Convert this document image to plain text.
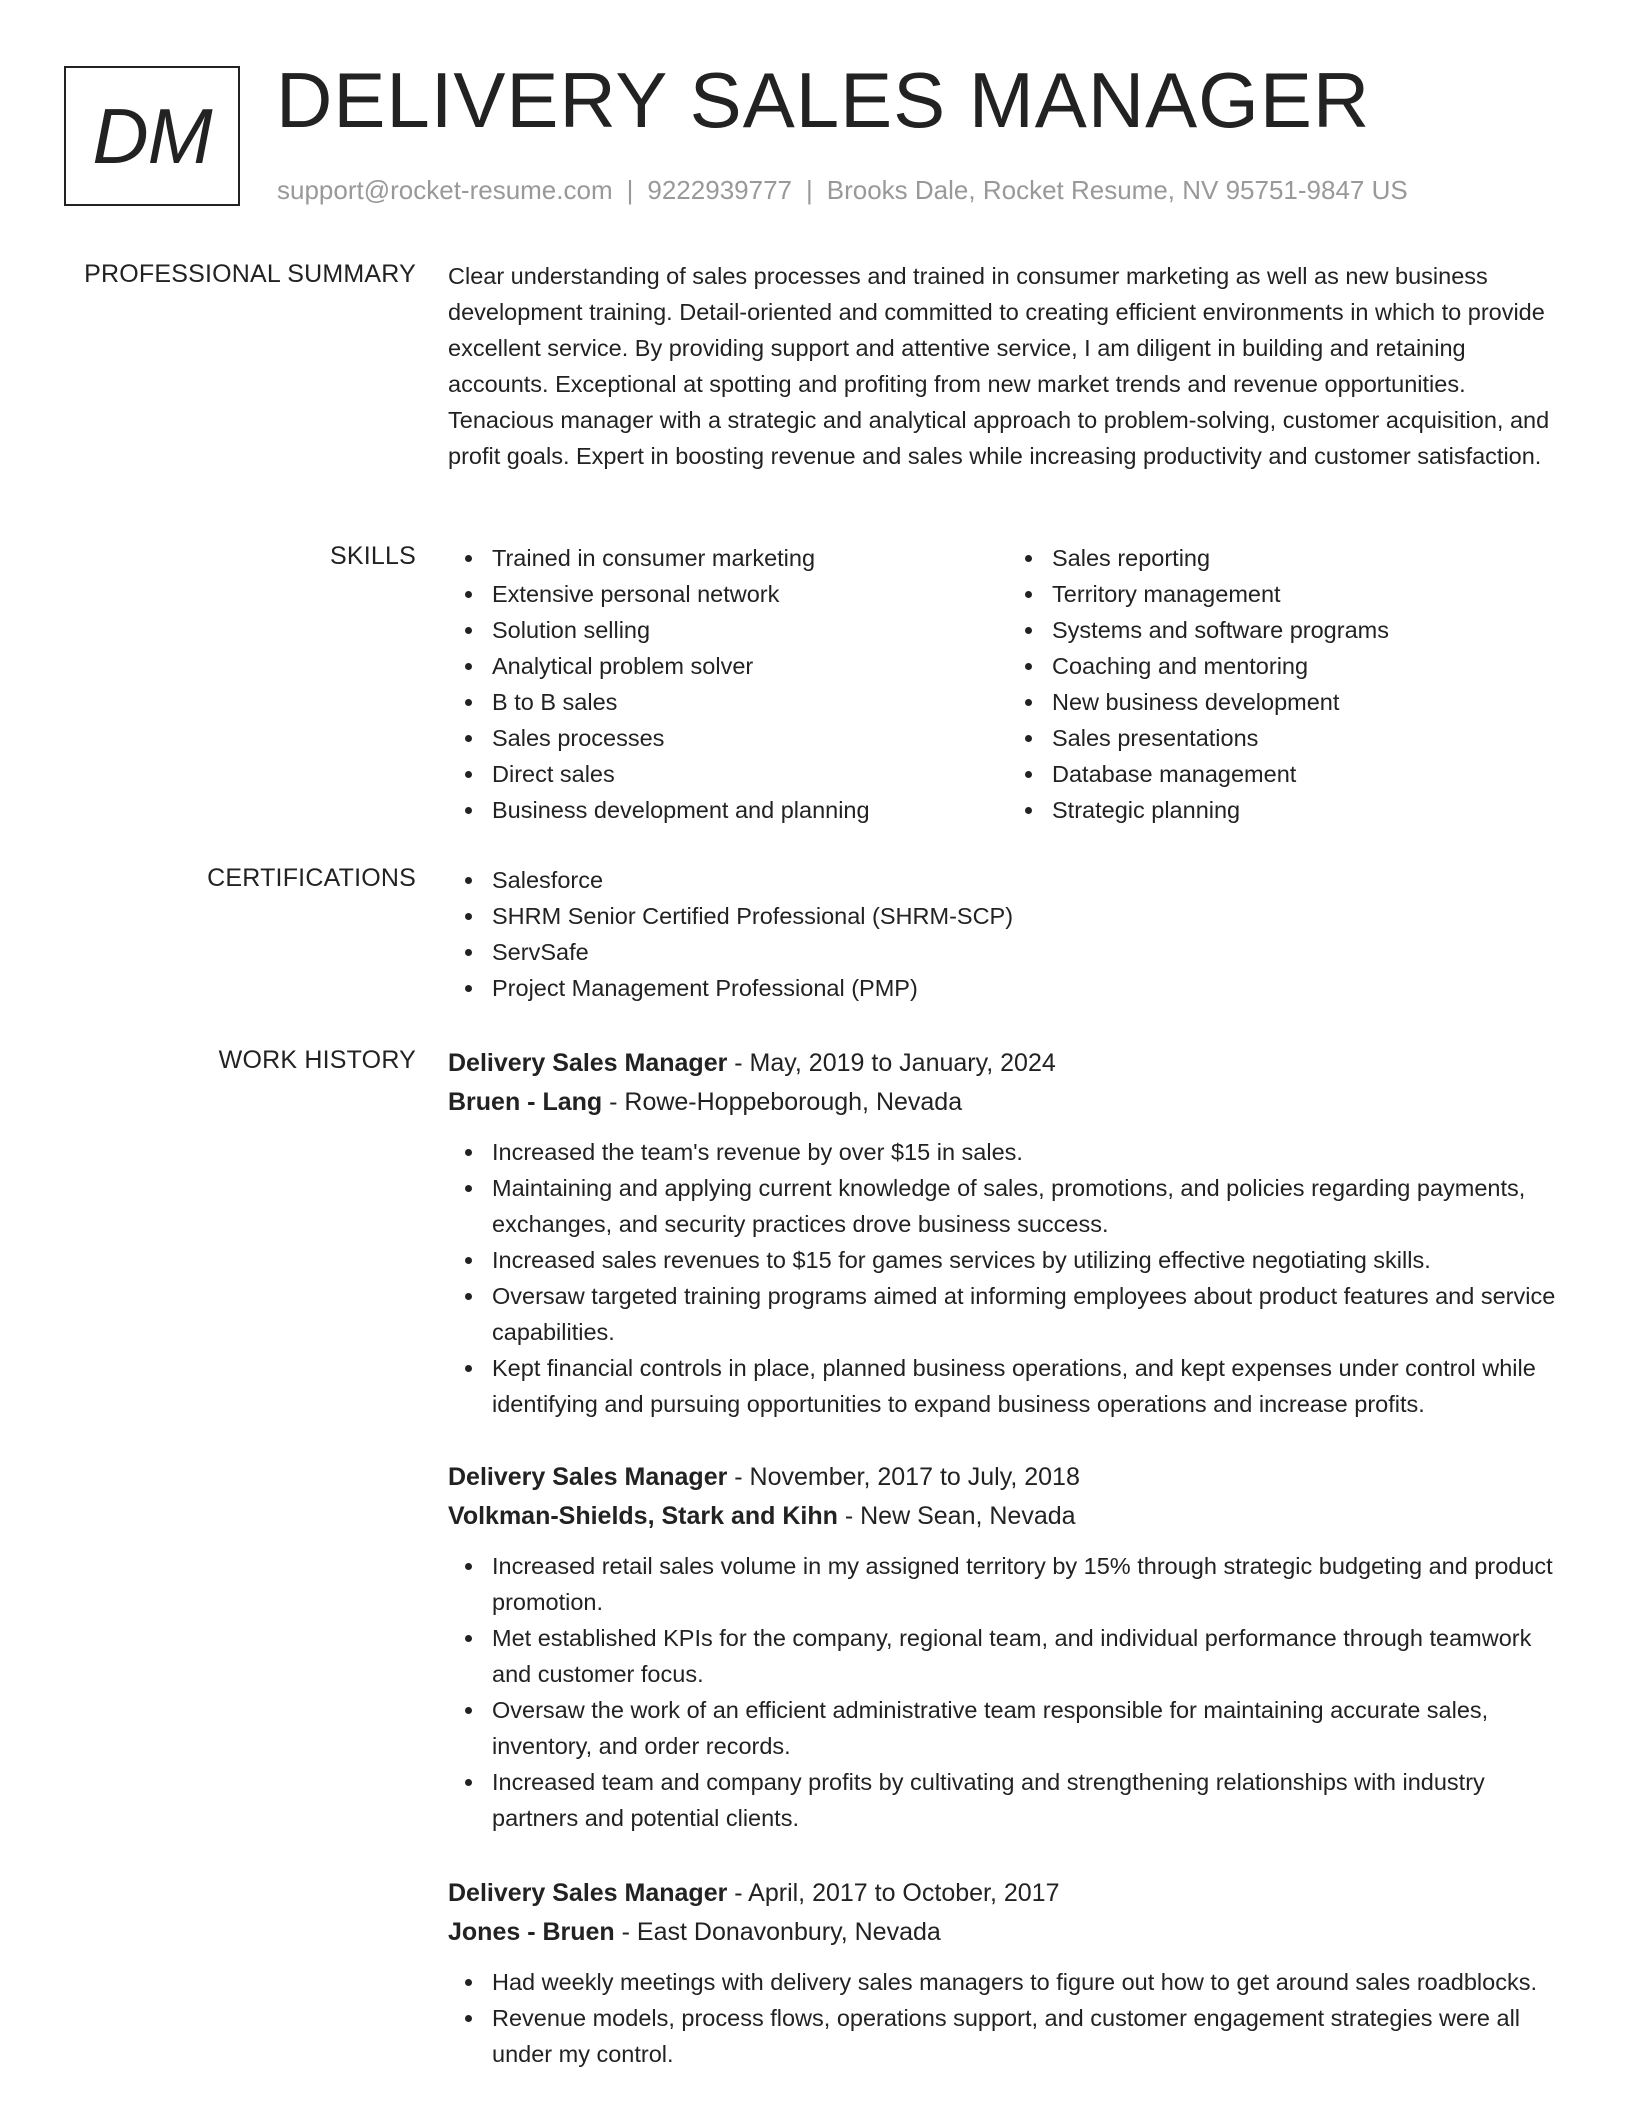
DM DELIVERY SALES MANAGER
support@rocket-resume.com | 9222939777 | Brooks Dale, Rocket Resume, NV 95751-9847 US
PROFESSIONAL SUMMARY Clear understanding of sales processes and trained in consumer marketing as well as new business development training. Detail-oriented and committed to creating efficient environments in which to provide excellent service. By providing support and attentive service, I am diligent in building and retaining accounts. Exceptional at spotting and profiting from new market trends and revenue opportunities. Tenacious manager with a strategic and analytical approach to problem-solving, customer acquisition, and profit goals. Expert in boosting revenue and sales while increasing productivity and customer satisfaction.

SKILLS	Trained in consumer marketing
Extensive personal network
Solution selling
Analytical problem solver
B to B sales
Sales processes
Direct sales
Business development and planning
Sales reporting
Territory management
Systems and software programs
Coaching and mentoring
New business development
Sales presentations
Database management
Strategic planning
CERTIFICATIONS	Salesforce
SHRM Senior Certified Professional (SHRM-SCP)
ServSafe
Project Management Professional (PMP)
WORK HISTORY Delivery Sales Manager - May, 2019 to January, 2024
Bruen - Lang - Rowe-Hoppeborough, Nevada
Increased the team's revenue by over $15 in sales.
Maintaining and applying current knowledge of sales, promotions, and policies regarding payments, exchanges, and security practices drove business success.
Increased sales revenues to $15 for games services by utilizing effective negotiating skills.
Oversaw targeted training programs aimed at informing employees about product features and service capabilities.
Kept financial controls in place, planned business operations, and kept expenses under control while identifying and pursuing opportunities to expand business operations and increase profits.
Delivery Sales Manager - November, 2017 to July, 2018
Volkman-Shields, Stark and Kihn - New Sean, Nevada
Increased retail sales volume in my assigned territory by 15% through strategic budgeting and product promotion.
Met established KPIs for the company, regional team, and individual performance through teamwork and customer focus.
Oversaw the work of an efficient administrative team responsible for maintaining accurate sales, inventory, and order records.
Increased team and company profits by cultivating and strengthening relationships with industry partners and potential clients.
Delivery Sales Manager - April, 2017 to October, 2017
Jones - Bruen - East Donavonbury, Nevada
Had weekly meetings with delivery sales managers to figure out how to get around sales roadblocks.
Revenue models, process flows, operations support, and customer engagement strategies were all under my control.
